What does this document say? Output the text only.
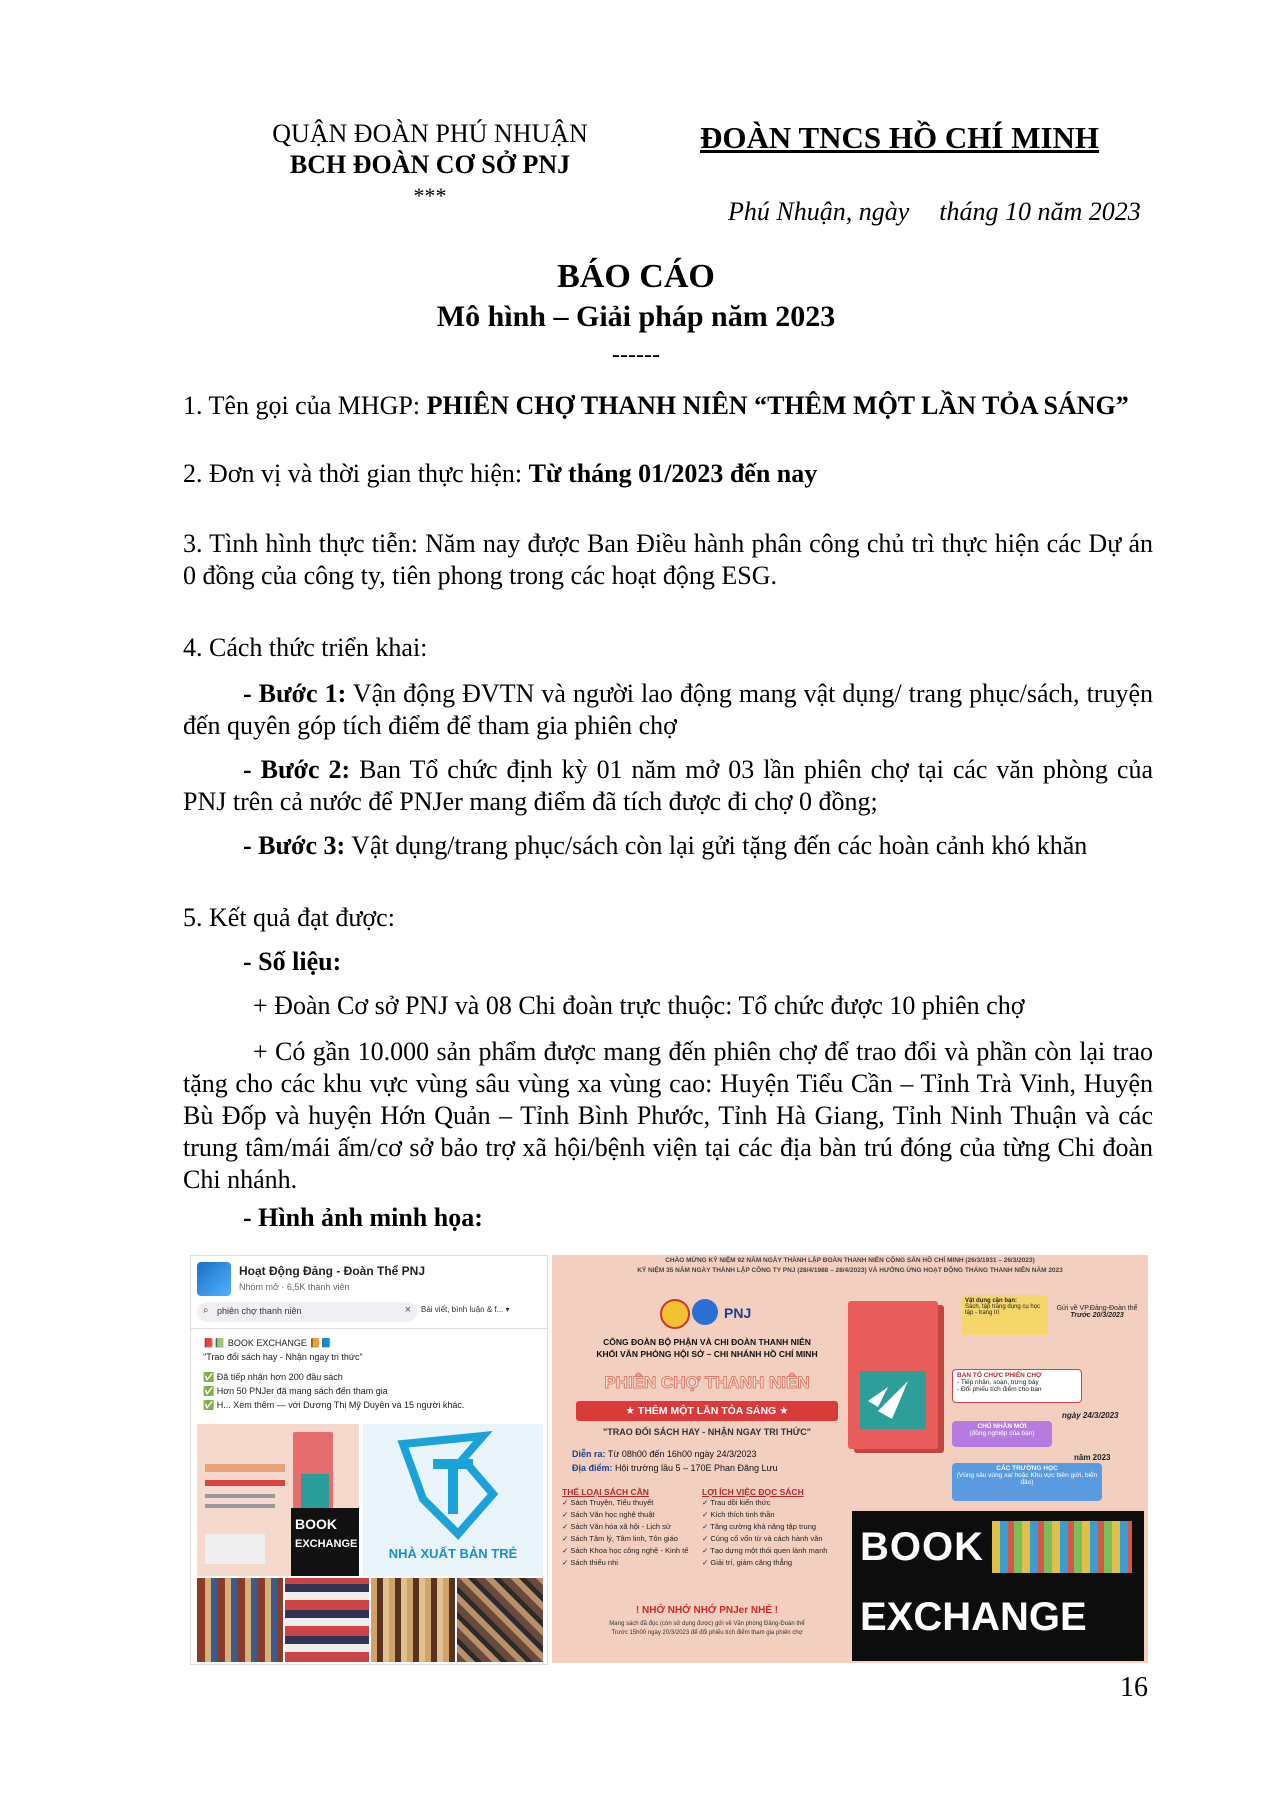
QUẬN ĐOÀN PHÚ NHUẬN
BCH ĐOÀN CƠ SỞ PNJ
***
ĐOÀN TNCS HỒ CHÍ MINH
Phú Nhuận, ngày tháng 10 năm 2023
BÁO CÁO
Mô hình – Giải pháp năm 2023
------
1. Tên gọi của MHGP: PHIÊN CHỢ THANH NIÊN “THÊM MỘT LẦN TỎA SÁNG”
2. Đơn vị và thời gian thực hiện: Từ tháng 01/2023 đến nay
3. Tình hình thực tiễn: Năm nay được Ban Điều hành phân công chủ trì thực hiện các Dự án 0 đồng của công ty, tiên phong trong các hoạt động ESG.
4. Cách thức triển khai:
- Bước 1: Vận động ĐVTN và người lao động mang vật dụng/ trang phục/sách, truyện đến quyên góp tích điểm để tham gia phiên chợ
- Bước 2: Ban Tổ chức định kỳ 01 năm mở 03 lần phiên chợ tại các văn phòng của PNJ trên cả nước để PNJer mang điểm đã tích được đi chợ 0 đồng;
- Bước 3: Vật dụng/trang phục/sách còn lại gửi tặng đến các hoàn cảnh khó khăn
5. Kết quả đạt được:
- Số liệu:
+ Đoàn Cơ sở PNJ và 08 Chi đoàn trực thuộc: Tổ chức được 10 phiên chợ
+ Có gần 10.000 sản phẩm được mang đến phiên chợ để trao đổi và phần còn lại trao tặng cho các khu vực vùng sâu vùng xa vùng cao: Huyện Tiểu Cần – Tỉnh Trà Vinh, Huyện Bù Đốp và huyện Hớn Quản – Tỉnh Bình Phước, Tỉnh Hà Giang, Tỉnh Ninh Thuận và các trung tâm/mái ấm/cơ sở bảo trợ xã hội/bệnh viện tại các địa bàn trú đóng của từng Chi đoàn Chi nhánh.
- Hình ảnh minh họa:
Hoạt Động Đảng - Đoàn Thể PNJ
Nhóm mở · 6,5K thành viên
⌕ phiên chợ thanh niên	× Bài viết, bình luận & f... ▾
📕📗 BOOK EXCHANGE 📙📘
"Trao đổi sách hay - Nhận ngay tri thức"
✅ Đã tiếp nhận hơn 200 đầu sách
✅ Hơn 50 PNJer đã mang sách đến tham gia
✅ H... Xem thêm — với Dương Thị Mỹ Duyên và 15 người khác.
BOOK
EXCHANGE
NHÀ XUẤT BẢN TRẺ
CHÀO MỪNG KỶ NIỆM 92 NĂM NGÀY THÀNH LẬP ĐOÀN THANH NIÊN CỘNG SẢN HỒ CHÍ MINH (26/3/1931 – 26/3/2023)
KỶ NIỆM 35 NĂM NGÀY THÀNH LẬP CÔNG TY PNJ (28/4/1988 – 28/4/2023) VÀ HƯỞNG ỨNG HOẠT ĐỘNG THÁNG THANH NIÊN NĂM 2023
PNJ
CÔNG ĐOÀN BỘ PHẬN VÀ CHI ĐOÀN THANH NIÊN
KHỐI VĂN PHÒNG HỘI SỞ – CHI NHÁNH HỒ CHÍ MINH
PHIÊN CHỢ THANH NIÊN
★ THÊM MỘT LẦN TỎA SÁNG ★
"TRAO ĐỔI SÁCH HAY - NHẬN NGAY TRI THỨC"
Diễn ra: Từ 08h00 đến 16h00 ngày 24/3/2023
Địa điểm: Hội trường lầu 5 – 170E Phan Đăng Lưu
THỂ LOẠI SÁCH CẦN
✓ Sách Truyện, Tiểu thuyết
✓ Sách Văn học nghệ thuật
✓ Sách Văn hóa xã hội - Lịch sử
✓ Sách Tâm lý, Tâm linh, Tôn giáo
✓ Sách Khoa học công nghệ - Kinh tế
✓ Sách thiếu nhi
LỢI ÍCH VIỆC ĐỌC SÁCH
✓ Trau dồi kiến thức
✓ Kích thích tinh thần
✓ Tăng cường khả năng tập trung
✓ Củng cố vốn từ và cách hành văn
✓ Tạo dựng một thói quen lành mạnh
✓ Giải trí, giảm căng thẳng
! NHỚ NHỚ NHỚ PNJer NHÉ !
Mang sách đã đọc (còn sử dụng được) gửi về Văn phòng Đảng-Đoàn thể
Trước 15h00 ngày 20/3/2023 để đổi phiếu tích điểm tham gia phiên chợ
Vật dụng cần bạn:
Sách, tập trắng dụng cụ học tập - trang trí
Gửi về VP.Đảng-Đoàn thể
Trước 20/3/2023
BAN TỔ CHỨC PHIÊN CHỢ
- Tiếp nhận, soạn, trưng bày
- Đổi phiếu tích điểm cho bạn
ngày 24/3/2023
CHỦ NHÂN MỚI
(đồng nghiệp của bạn)
năm 2023
CÁC TRƯỜNG HỌC
(Vùng sâu vùng xa/ hoặc Khu vực biên giới, biển đảo)
BOOK
EXCHANGE
16
